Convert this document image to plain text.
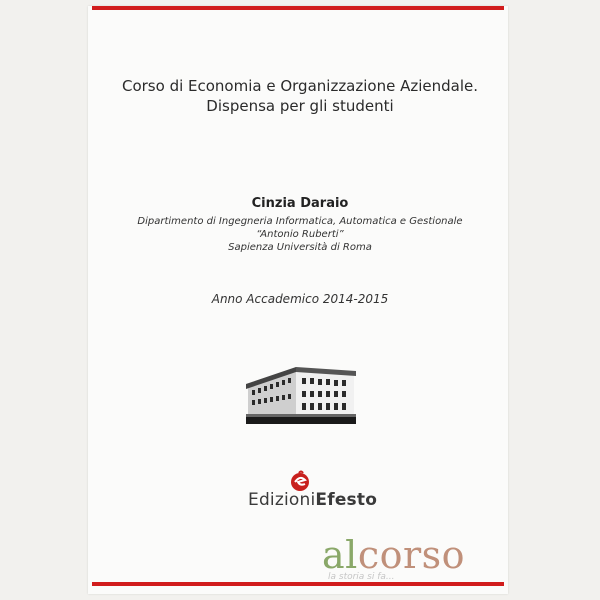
Corso di Economia e Organizzazione Aziendale.
Dispensa per gli studenti
Cinzia Daraio
Dipartimento di Ingegneria Informatica, Automatica e Gestionale
“Antonio Ruberti”
Sapienza Università di Roma
Anno Accademico 2014-2015
EdizioniEfesto
alcorso
la storia si fa...
